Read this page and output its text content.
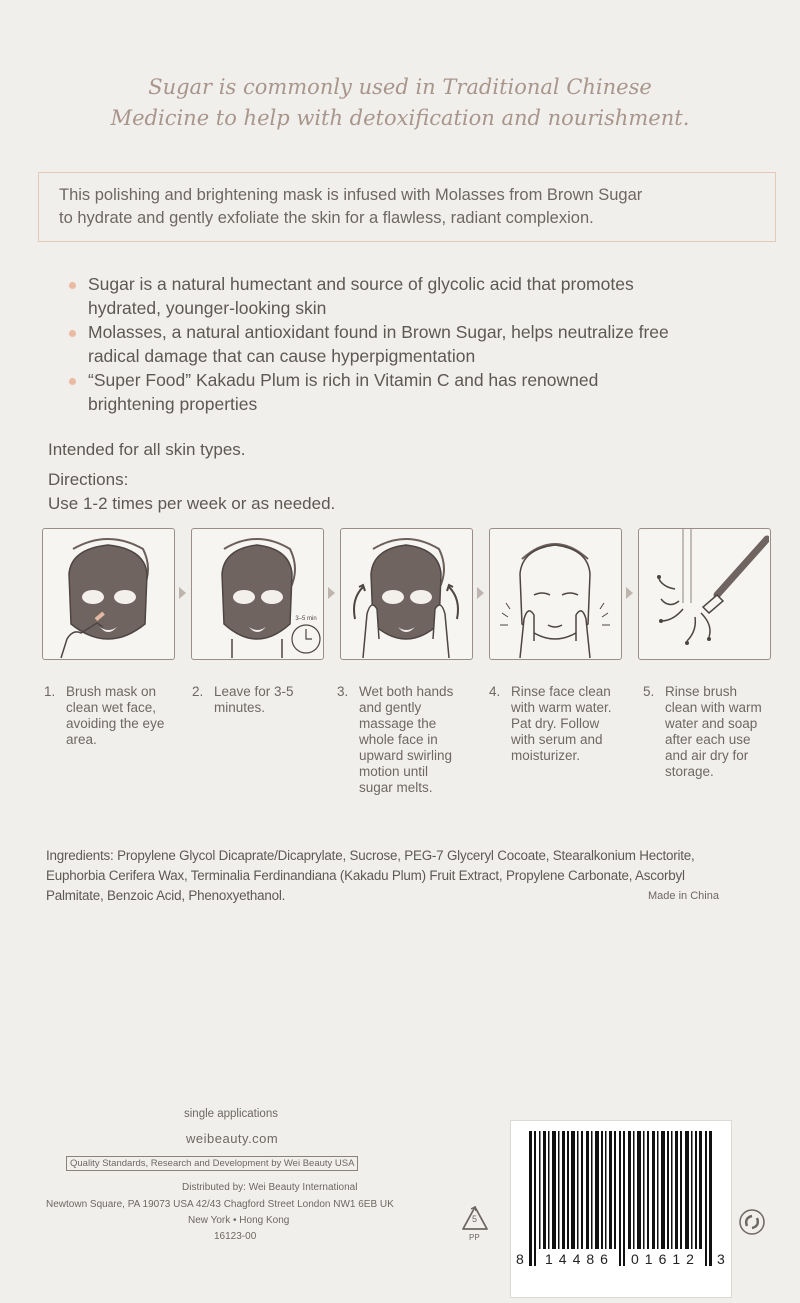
Sugar is commonly used in Traditional Chinese
Medicine to help with detoxification and nourishment.
This polishing and brightening mask is infused with Molasses from Brown Sugar
to hydrate and gently exfoliate the skin for a flawless, radiant complexion.
Sugar is a natural humectant and source of glycolic acid that promotes
hydrated, younger-looking skin
Molasses, a natural antioxidant found in Brown Sugar, helps neutralize free
radical damage that can cause hyperpigmentation
“Super Food” Kakadu Plum is rich in Vitamin C and has renowned
brightening properties
Intended for all skin types.
Directions:
Use 1-2 times per week or as needed.
3–5 min
1. Brush mask on
clean wet face,
avoiding the eye
area.
2. Leave for 3-5
minutes.
3. Wet both hands
and gently
massage the
whole face in
upward swirling
motion until
sugar melts.
4. Rinse face clean
with warm water.
Pat dry. Follow
with serum and
moisturizer.
5. Rinse brush
clean with warm
water and soap
after each use
and air dry for
storage.
Ingredients: Propylene Glycol Dicaprate/Dicaprylate, Sucrose, PEG-7 Glyceryl Cocoate, Stearalkonium Hectorite,
Euphorbia Cerifera Wax, Terminalia Ferdinandiana (Kakadu Plum) Fruit Extract, Propylene Carbonate, Ascorbyl
Palmitate, Benzoic Acid, Phenoxyethanol.	Made in China
single applications
weibeauty.com
Quality Standards, Research and Development by Wei Beauty USA
Distributed by: Wei Beauty International
Newtown Square, PA 19073 USA 42/43 Chagford Street London NW1 6EB UK
New York • Hong Kong
16123-00
5
PP
8 14486 01612 3
